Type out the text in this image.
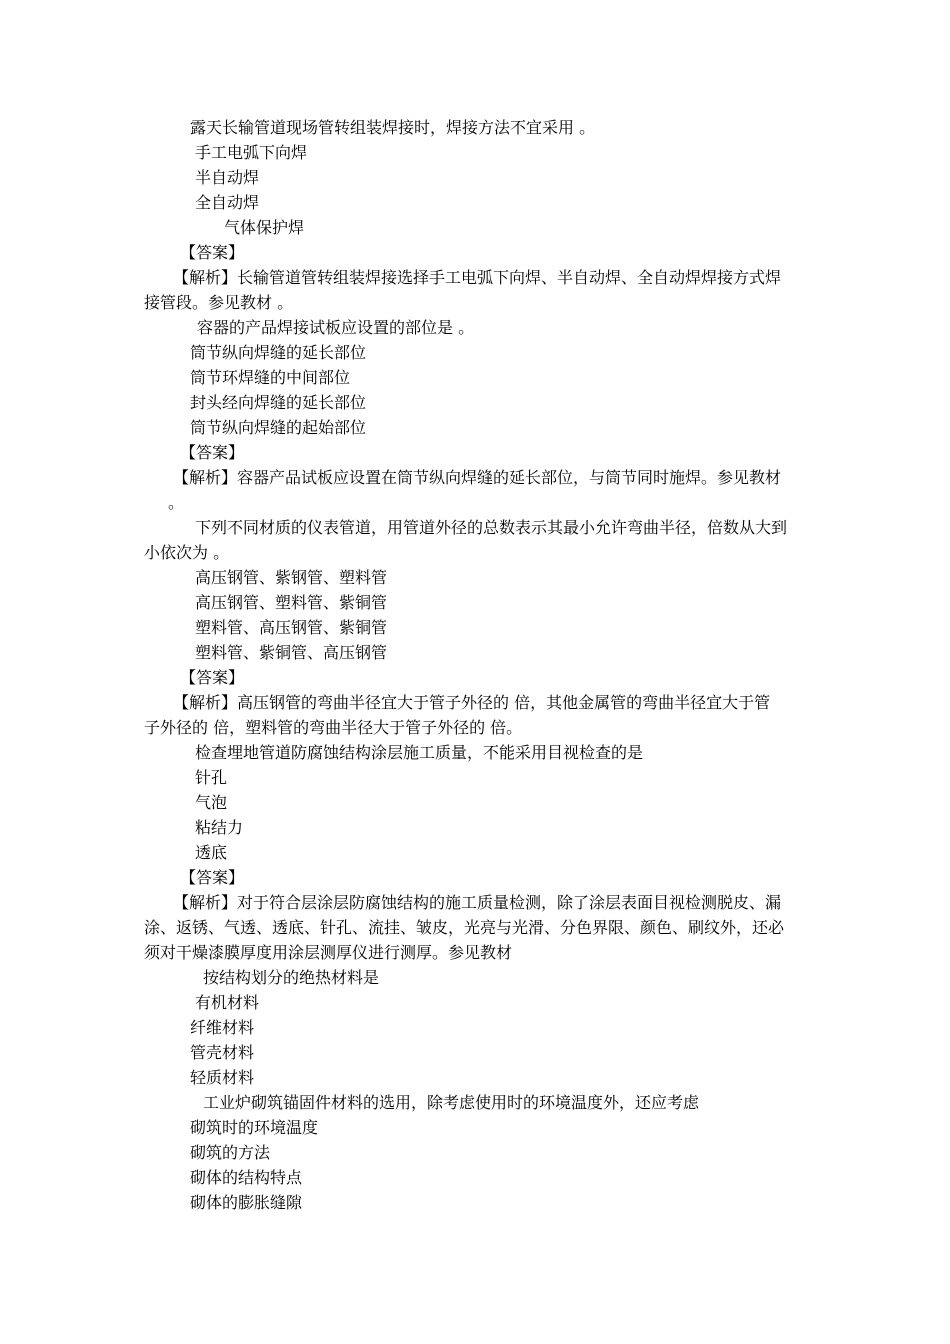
露天长输管道现场管转组装焊接时，焊接方法不宜采用 。
手工电弧下向焊
半自动焊
全自动焊
气体保护焊
【答案】
【解析】长输管道管转组装焊接选择手工电弧下向焊、半自动焊、全自动焊焊接方式焊
接管段。参见教材 。
容器的产品焊接试板应设置的部位是 。
筒节纵向焊缝的延长部位
筒节环焊缝的中间部位
封头经向焊缝的延长部位
筒节纵向焊缝的起始部位
【答案】
【解析】容器产品试板应设置在筒节纵向焊缝的延长部位，与筒节同时施焊。参见教材
。
下列不同材质的仪表管道，用管道外径的总数表示其最小允许弯曲半径，倍数从大到
小依次为 。
高压钢管、紫钢管、塑料管
高压钢管、塑料管、紫铜管
塑料管、高压钢管、紫铜管
塑料管、紫铜管、高压钢管
【答案】
【解析】高压钢管的弯曲半径宜大于管子外径的 倍，其他金属管的弯曲半径宜大于管
子外径的 倍，塑料管的弯曲半径大于管子外径的 倍。
检查埋地管道防腐蚀结构涂层施工质量，不能采用目视检查的是
针孔
气泡
粘结力
透底
【答案】
【解析】对于符合层涂层防腐蚀结构的施工质量检测，除了涂层表面目视检测脱皮、漏
涂、返锈、气透、透底、针孔、流挂、皱皮，光亮与光滑、分色界限、颜色、刷纹外，还必
须对干燥漆膜厚度用涂层测厚仪进行测厚。参见教材
按结构划分的绝热材料是
有机材料
纤维材料
管壳材料
轻质材料
工业炉砌筑锚固件材料的选用，除考虑使用时的环境温度外，还应考虑
砌筑时的环境温度
砌筑的方法
砌体的结构特点
砌体的膨胀缝隙
